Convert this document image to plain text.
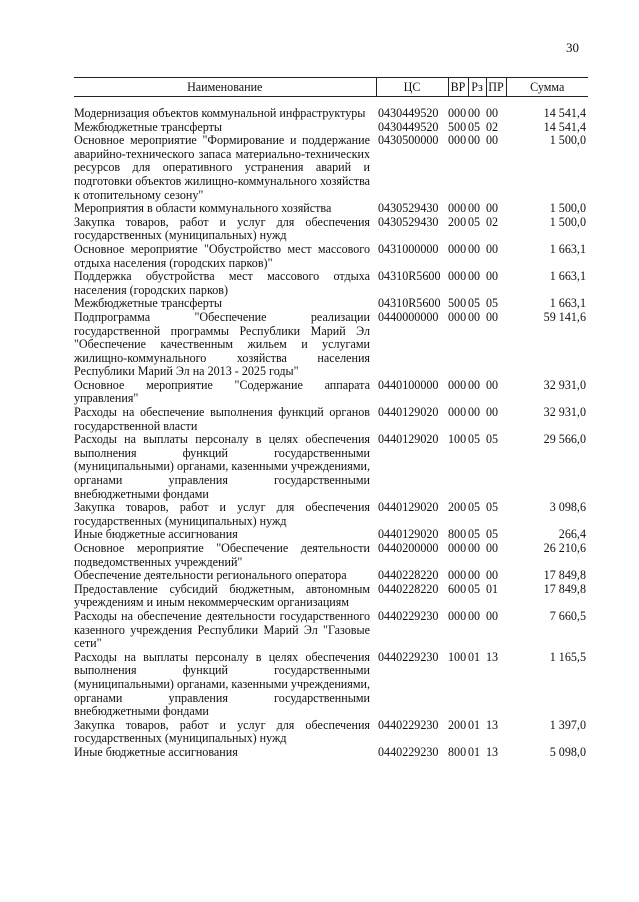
30
Наименование	ЦС	ВР	Рз	ПР	Сумма
Модернизация объектов коммунальной инфраструктуры	0430449520	000	00	00	14 541,4
Межбюджетные трансферты	0430449520	500	05	02	14 541,4
Основное мероприятие "Формирование и поддержание аварийно-технического запаса материально-технических ресурсов для оперативного устранения аварий и подготовки объектов жилищно-коммунального хозяйства к отопительному сезону"	0430500000	000	00	00	1 500,0
Мероприятия в области коммунального хозяйства	0430529430	000	00	00	1 500,0
Закупка товаров, работ и услуг для обеспечения государственных (муниципальных) нужд	0430529430	200	05	02	1 500,0
Основное мероприятие "Обустройство мест массового отдыха населения (городских парков)"	0431000000	000	00	00	1 663,1
Поддержка обустройства мест массового отдыха населения (городских парков)	04310R5600	000	00	00	1 663,1
Межбюджетные трансферты	04310R5600	500	05	05	1 663,1
Подпрограмма "Обеспечение реализации государственной программы Республики Марий Эл "Обеспечение качественным жильем и услугами жилищно-коммунального хозяйства населения Республики Марий Эл на 2013 - 2025 годы"	0440000000	000	00	00	59 141,6
Основное мероприятие "Содержание аппарата управления"	0440100000	000	00	00	32 931,0
Расходы на обеспечение выполнения функций органов государственной власти	0440129020	000	00	00	32 931,0
Расходы на выплаты персоналу в целях обеспечения выполнения функций государственными (муниципальными) органами, казенными учреждениями, органами управления государственными внебюджетными фондами	0440129020	100	05	05	29 566,0
Закупка товаров, работ и услуг для обеспечения государственных (муниципальных) нужд	0440129020	200	05	05	3 098,6
Иные бюджетные ассигнования	0440129020	800	05	05	266,4
Основное мероприятие "Обеспечение деятельности подведомственных учреждений"	0440200000	000	00	00	26 210,6
Обеспечение деятельности регионального оператора	0440228220	000	00	00	17 849,8
Предоставление субсидий бюджетным, автономным учреждениям и иным некоммерческим организациям	0440228220	600	05	01	17 849,8
Расходы на обеспечение деятельности государственного казенного учреждения Республики Марий Эл "Газовые сети"	0440229230	000	00	00	7 660,5
Расходы на выплаты персоналу в целях обеспечения выполнения функций государственными (муниципальными) органами, казенными учреждениями, органами управления государственными внебюджетными фондами	0440229230	100	01	13	1 165,5
Закупка товаров, работ и услуг для обеспечения государственных (муниципальных) нужд	0440229230	200	01	13	1 397,0
Иные бюджетные ассигнования	0440229230	800	01	13	5 098,0
